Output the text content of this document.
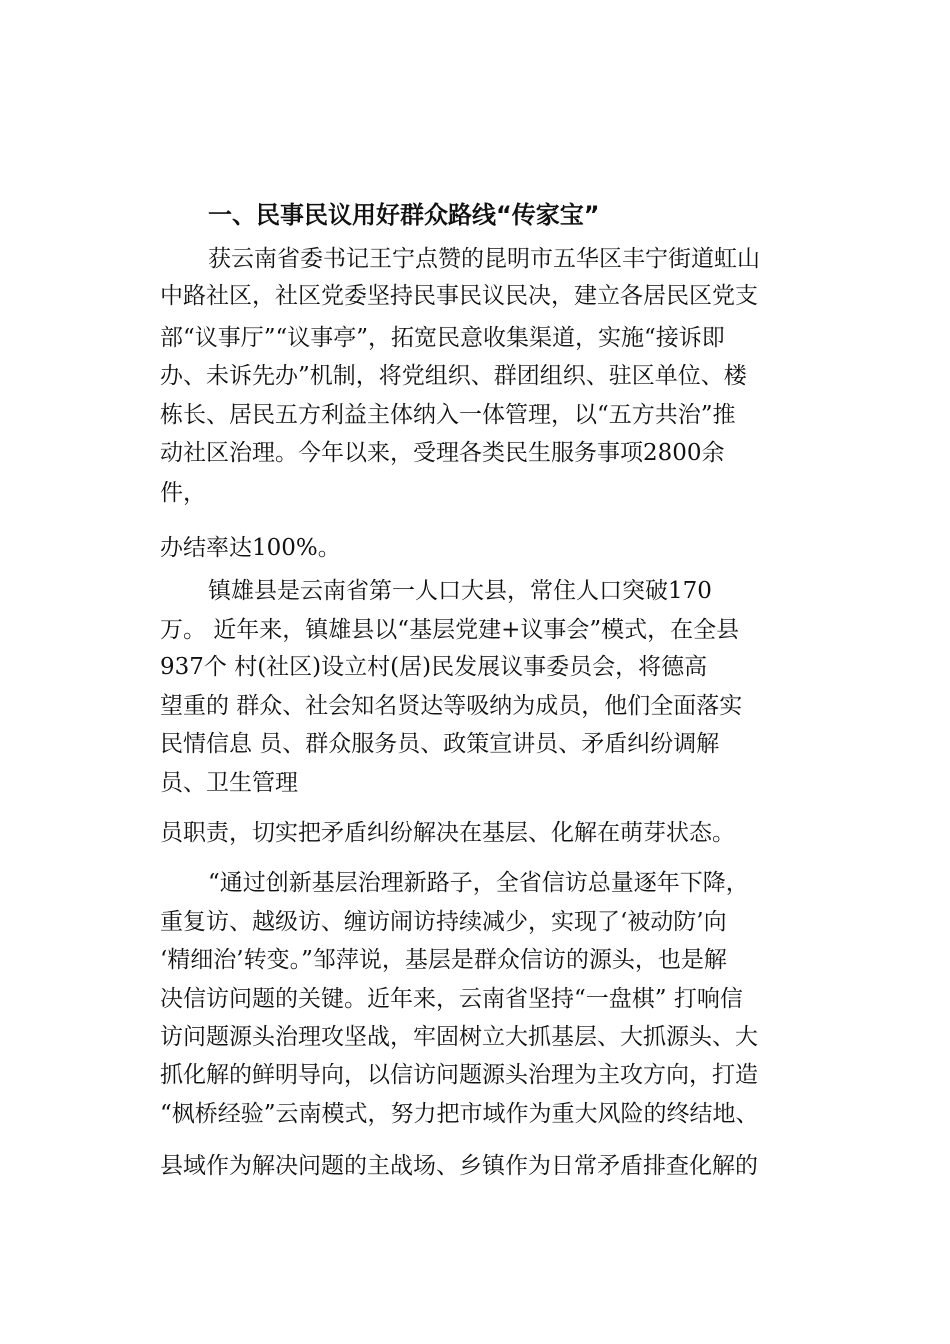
一、民事民议用好群众路线“传家宝”
获云南省委书记王宁点赞的昆明市五华区丰宁街道虹山
中路社区，社区党委坚持民事民议民决，建立各居民区党支
部“议事厅”“议事亭”，拓宽民意收集渠道，实施“接诉即
办、未诉先办”机制，将党组织、群团组织、驻区单位、楼
栋长、居民五方利益主体纳入一体管理，以“五方共治”推
动社区治理。今年以来，受理各类民生服务事项2800余
件，
办结率达100%。
镇雄县是云南省第一人口大县，常住人口突破170
万。 近年来，镇雄县以“基层党建+议事会”模式，在全县
937个 村(社区)设立村(居)民发展议事委员会，将德高
望重的 群众、社会知名贤达等吸纳为成员，他们全面落实
民情信息 员、群众服务员、政策宣讲员、矛盾纠纷调解
员、卫生管理
员职责，切实把矛盾纠纷解决在基层、化解在萌芽状态。
“通过创新基层治理新路子，全省信访总量逐年下降，
重复访、越级访、缠访闹访持续减少，实现了‘被动防’向
‘精细治’转变。”邹萍说，基层是群众信访的源头，也是解
决信访问题的关键。近年来，云南省坚持“一盘棋” 打响信
访问题源头治理攻坚战，牢固树立大抓基层、大抓源头、大
抓化解的鲜明导向，以信访问题源头治理为主攻方向，打造
“枫桥经验”云南模式，努力把市域作为重大风险的终结地、
县域作为解决问题的主战场、乡镇作为日常矛盾排查化解的
